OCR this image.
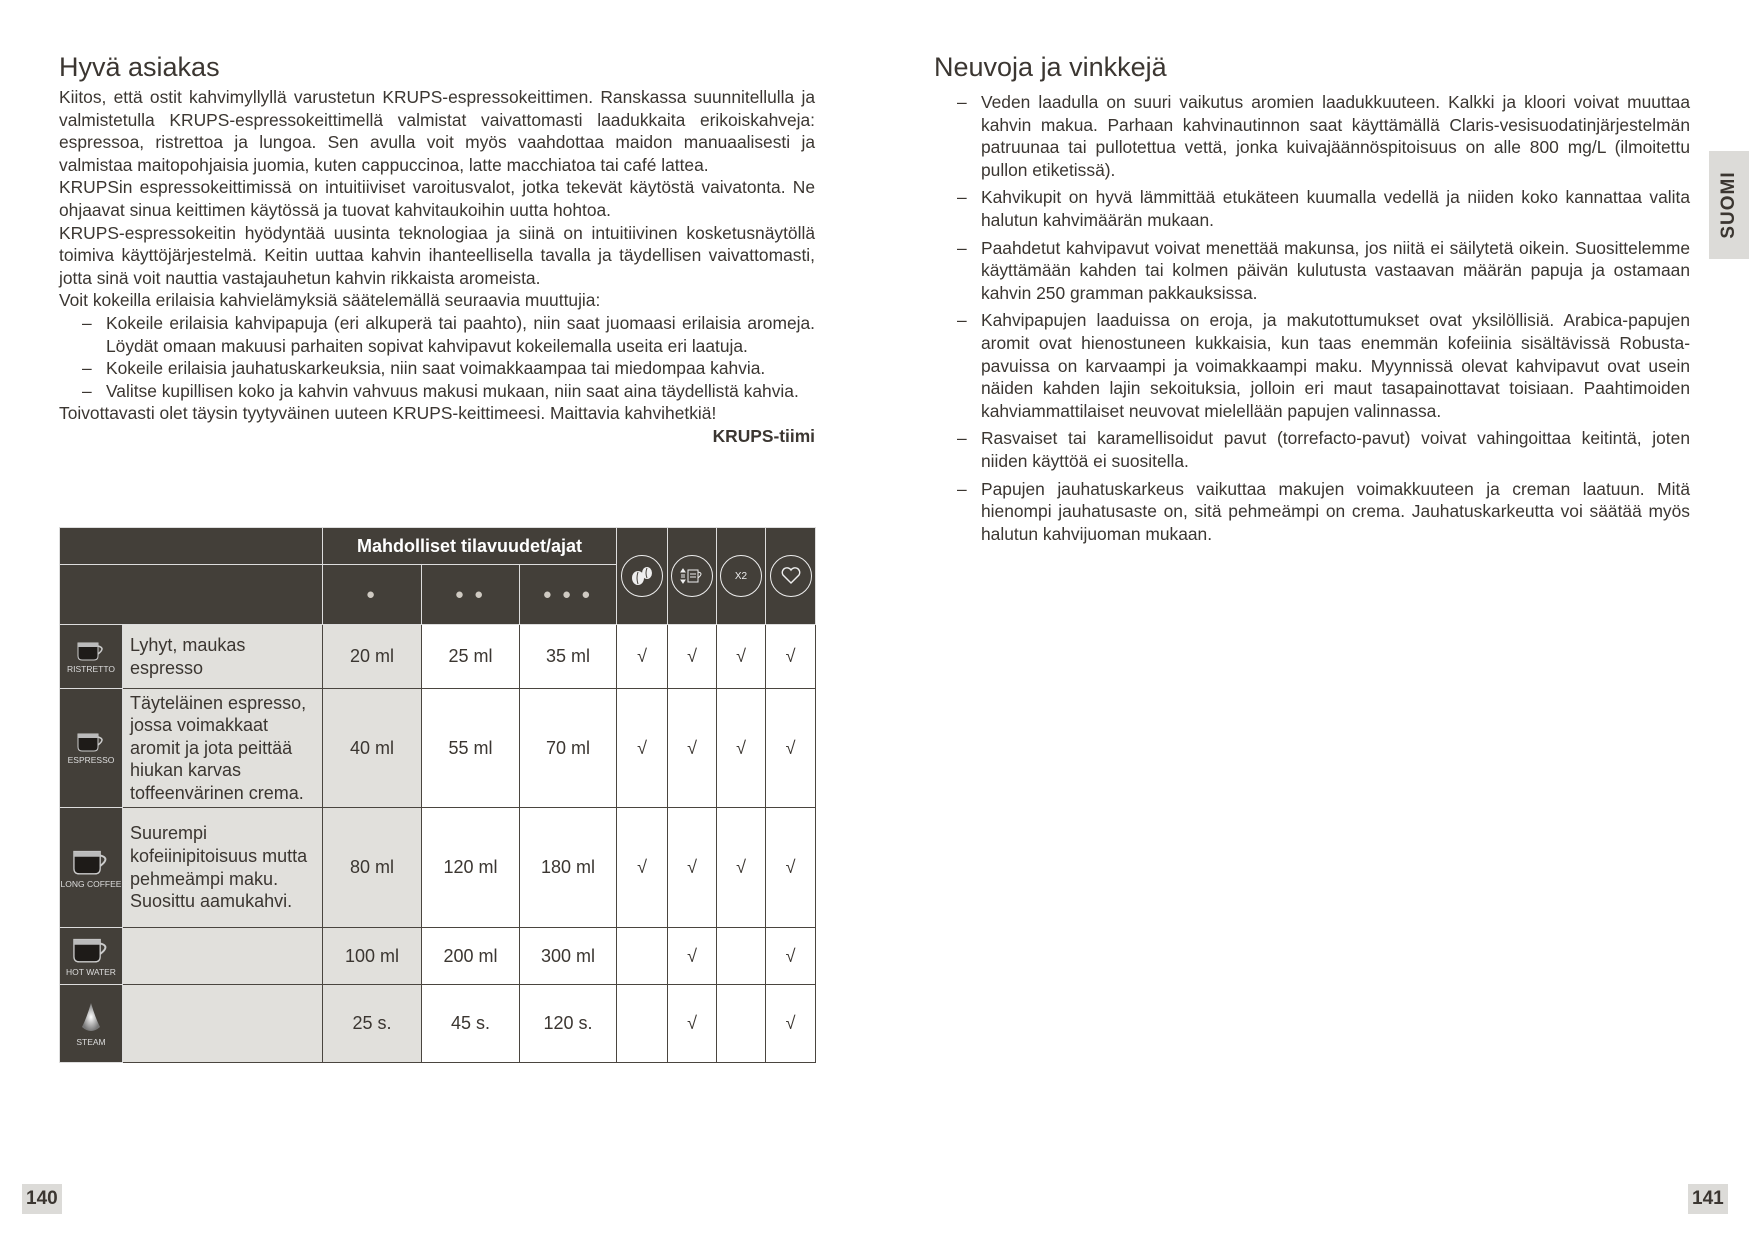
Hyvä asiakas

Kiitos, että ostit kahvimyllyllä varustetun KRUPS-espressokeittimen. Ranskassa suunnitellulla ja valmistetulla KRUPS-espressokeittimellä valmistat vaivattomasti laadukkaita erikoiskahveja: espressoa, ristrettoa ja lungoa. Sen avulla voit myös vaahdottaa maidon manuaalisesti ja valmistaa maitopohjaisia juomia, kuten cappuccinoa, latte macchiatoa tai café lattea.

KRUPSin espressokeittimissä on intuitiiviset varoitusvalot, jotka tekevät käytöstä vaivatonta. Ne ohjaavat sinua keittimen käytössä ja tuovat kahvitaukoihin uutta hohtoa.

KRUPS-espressokeitin hyödyntää uusinta teknologiaa ja siinä on intuitiivinen kosketusnäytöllä toimiva käyttöjärjestelmä. Keitin uuttaa kahvin ihanteellisella tavalla ja täydellisen vaivattomasti, jotta sinä voit nauttia vastajauhetun kahvin rikkaista aromeista.

Voit kokeilla erilaisia kahvielämyksiä säätelemällä seuraavia muuttujia:

– Kokeile erilaisia kahvipapuja (eri alkuperä tai paahto), niin saat juomaasi erilaisia aromeja. Löydät omaan makuusi parhaiten sopivat kahvipavut kokeilemalla useita eri laatuja.

– Kokeile erilaisia jauhatuskarkeuksia, niin saat voimakkaampaa tai miedompaa kahvia.

– Valitse kupillisen koko ja kahvin vahvuus makusi mukaan, niin saat aina täydellistä kahvia.

Toivottavasti olet täysin tyytyväinen uuteen KRUPS-keittimeesi. Maittavia kahvihetkiä!

KRUPS-tiimi

		Mahdolliset tilavuudet/ajat					X2	

		●	● ●	● ● ●				

RISTRETTO	Lyhyt, maukas espresso	20 ml	25 ml	35 ml	√	√	√	√

ESPRESSO	Täyteläinen espresso, jossa voimakkaat aromit ja jota peittää hiukan karvas toffeenvärinen crema.	40 ml	55 ml	70 ml	√	√	√	√

LONG COFFEE	Suurempi kofeiinipitoisuus mutta pehmeämpi maku. Suosittu aamukahvi.	80 ml	120 ml	180 ml	√	√	√	√

HOT WATER		100 ml	200 ml	300 ml		√		√

STEAM		25 s.	45 s.	120 s.		√		√
Neuvoja ja vinkkejä

– Veden laadulla on suuri vaikutus aromien laadukkuuteen. Kalkki ja kloori voivat muuttaa kahvin makua. Parhaan kahvinautinnon saat käyttämällä Claris-vesisuodatinjärjestelmän patruunaa tai pullotettua vettä, jonka kuivajäännöspitoisuus on alle 800 mg/L (ilmoitettu pullon etiketissä).

– Kahvikupit on hyvä lämmittää etukäteen kuumalla vedellä ja niiden koko kannattaa valita halutun kahvimäärän mukaan.

– Paahdetut kahvipavut voivat menettää makunsa, jos niitä ei säilytetä oikein. Suosittelemme käyttämään kahden tai kolmen päivän kulutusta vastaavan määrän papuja ja ostamaan kahvin 250 gramman pakkauksissa.

– Kahvipapujen laaduissa on eroja, ja makutottumukset ovat yksilöllisiä. Arabica-papujen aromit ovat hienostuneen kukkaisia, kun taas enemmän kofeiinia sisältävissä Robusta-pavuissa on karvaampi ja voimakkaampi maku. Myynnissä olevat kahvipavut ovat usein näiden kahden lajin sekoituksia, jolloin eri maut tasapainottavat toisiaan. Paahtimoiden kahviammattilaiset neuvovat mielellään papujen valinnassa.

– Rasvaiset tai karamellisoidut pavut (torrefacto-pavut) voivat vahingoittaa keitintä, joten niiden käyttöä ei suositella.

– Papujen jauhatuskarkeus vaikuttaa makujen voimakkuuteen ja creman laatuun. Mitä hienompi jauhatusaste on, sitä pehmeämpi on crema. Jauhatuskarkeutta voi säätää myös halutun kahvijuoman mukaan.

SUOMI
140	141
